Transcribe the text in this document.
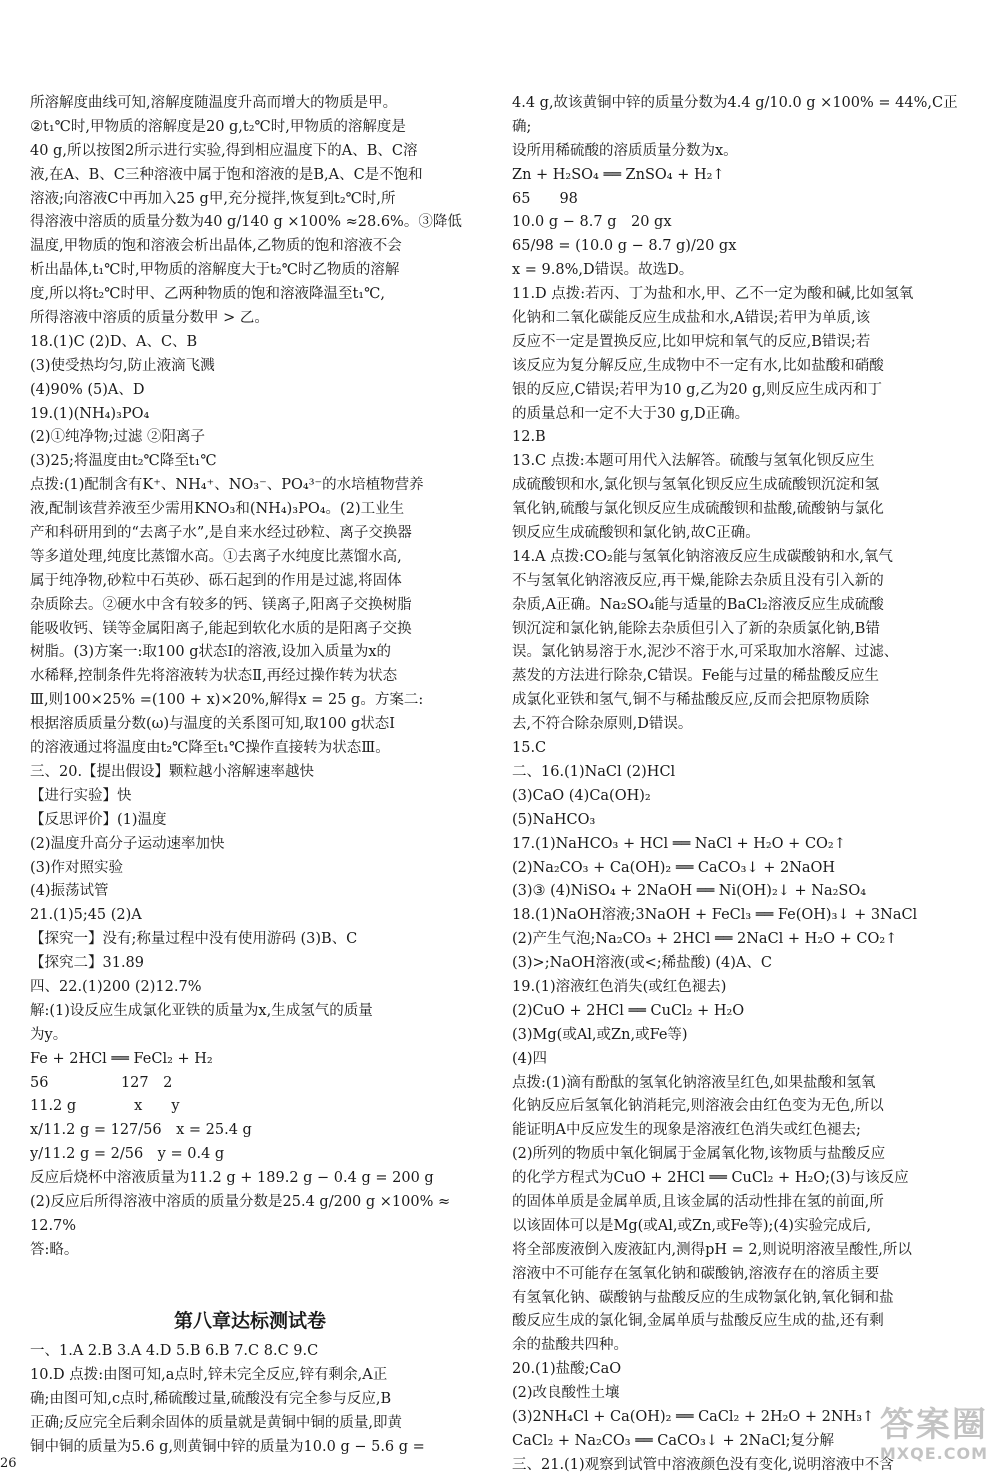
所溶解度曲线可知,溶解度随温度升高而增大的物质是甲。
②t₁℃时,甲物质的溶解度是20 g,t₂℃时,甲物质的溶解度是
40 g,所以按图2所示进行实验,得到相应温度下的A、B、C溶
液,在A、B、C三种溶液中属于饱和溶液的是B,A、C是不饱和
溶液;向溶液C中再加入25 g甲,充分搅拌,恢复到t₂℃时,所
得溶液中溶质的质量分数为40 g/140 g ×100% ≈28.6%。③降低
温度,甲物质的饱和溶液会析出晶体,乙物质的饱和溶液不会
析出晶体,t₁℃时,甲物质的溶解度大于t₂℃时乙物质的溶解
度,所以将t₂℃时甲、乙两种物质的饱和溶液降温至t₁℃,
所得溶液中溶质的质量分数甲 > 乙。
18.(1)C (2)D、A、C、B
(3)使受热均匀,防止液滴飞溅
(4)90% (5)A、D
19.(1)(NH₄)₃PO₄
(2)①纯净物;过滤 ②阳离子
(3)25;将温度由t₂℃降至t₁℃
点拨:(1)配制含有K⁺、NH₄⁺、NO₃⁻、PO₄³⁻的水培植物营养
液,配制该营养液至少需用KNO₃和(NH₄)₃PO₄。(2)工业生
产和科研用到的“去离子水”,是自来水经过砂粒、离子交换器
等多道处理,纯度比蒸馏水高。①去离子水纯度比蒸馏水高,
属于纯净物,砂粒中石英砂、砾石起到的作用是过滤,将固体
杂质除去。②硬水中含有较多的钙、镁离子,阳离子交换树脂
能吸收钙、镁等金属阳离子,能起到软化水质的是阳离子交换
树脂。(3)方案一:取100 g状态Ⅰ的溶液,设加入质量为x的
水稀释,控制条件先将溶液转为状态Ⅱ,再经过操作转为状态
Ⅲ,则100×25% =(100 + x)×20%,解得x = 25 g。方案二:
根据溶质质量分数(ω)与温度的关系图可知,取100 g状态Ⅰ
的溶液通过将温度由t₂℃降至t₁℃操作直接转为状态Ⅲ。
三、20.【提出假设】颗粒越小溶解速率越快
【进行实验】快
【反思评价】(1)温度
(2)温度升高分子运动速率加快
(3)作对照实验
(4)振荡试管
21.(1)5;45 (2)A
【探究一】没有;称量过程中没有使用游码 (3)B、C
【探究二】31.89
四、22.(1)200 (2)12.7%
解:(1)设反应生成氯化亚铁的质量为x,生成氢气的质量
为y。
Fe + 2HCl ══ FeCl₂ + H₂
56　　　　　127　2
11.2 g　　　　x　　y
x/11.2 g = 127/56　x = 25.4 g
y/11.2 g = 2/56　y = 0.4 g
反应后烧杯中溶液质量为11.2 g + 189.2 g − 0.4 g = 200 g
(2)反应后所得溶液中溶质的质量分数是25.4 g/200 g ×100% ≈
12.7%
答:略。
第八章达标测试卷
一、1.A 2.B 3.A 4.D 5.B 6.B 7.C 8.C 9.C
10.D 点拨:由图可知,a点时,锌未完全反应,锌有剩余,A正
确;由图可知,c点时,稀硫酸过量,硫酸没有完全参与反应,B
正确;反应完全后剩余固体的质量就是黄铜中铜的质量,即黄
铜中铜的质量为5.6 g,则黄铜中锌的质量为10.0 g − 5.6 g =
4.4 g,故该黄铜中锌的质量分数为4.4 g/10.0 g ×100% = 44%,C正
确;
设所用稀硫酸的溶质质量分数为x。
Zn + H₂SO₄ ══ ZnSO₄ + H₂↑
65　　98
10.0 g − 8.7 g　20 gx
65/98 = (10.0 g − 8.7 g)/20 gx
x = 9.8%,D错误。故选D。
11.D 点拨:若丙、丁为盐和水,甲、乙不一定为酸和碱,比如氢氧
化钠和二氧化碳能反应生成盐和水,A错误;若甲为单质,该
反应不一定是置换反应,比如甲烷和氧气的反应,B错误;若
该反应为复分解反应,生成物中不一定有水,比如盐酸和硝酸
银的反应,C错误;若甲为10 g,乙为20 g,则反应生成丙和丁
的质量总和一定不大于30 g,D正确。
12.B
13.C 点拨:本题可用代入法解答。硫酸与氢氧化钡反应生
成硫酸钡和水,氯化钡与氢氧化钡反应生成硫酸钡沉淀和氢
氧化钠,硫酸与氯化钡反应生成硫酸钡和盐酸,硫酸钠与氯化
钡反应生成硫酸钡和氯化钠,故C正确。
14.A 点拨:CO₂能与氢氧化钠溶液反应生成碳酸钠和水,氧气
不与氢氧化钠溶液反应,再干燥,能除去杂质且没有引入新的
杂质,A正确。Na₂SO₄能与适量的BaCl₂溶液反应生成硫酸
钡沉淀和氯化钠,能除去杂质但引入了新的杂质氯化钠,B错
误。氯化钠易溶于水,泥沙不溶于水,可采取加水溶解、过滤、
蒸发的方法进行除杂,C错误。Fe能与过量的稀盐酸反应生
成氯化亚铁和氢气,铜不与稀盐酸反应,反而会把原物质除
去,不符合除杂原则,D错误。
15.C
二、16.(1)NaCl (2)HCl
(3)CaO (4)Ca(OH)₂
(5)NaHCO₃
17.(1)NaHCO₃ + HCl ══ NaCl + H₂O + CO₂↑
(2)Na₂CO₃ + Ca(OH)₂ ══ CaCO₃↓ + 2NaOH
(3)③ (4)NiSO₄ + 2NaOH ══ Ni(OH)₂↓ + Na₂SO₄
18.(1)NaOH溶液;3NaOH + FeCl₃ ══ Fe(OH)₃↓ + 3NaCl
(2)产生气泡;Na₂CO₃ + 2HCl ══ 2NaCl + H₂O + CO₂↑
(3)>;NaOH溶液(或<;稀盐酸) (4)A、C
19.(1)溶液红色消失(或红色褪去)
(2)CuO + 2HCl ══ CuCl₂ + H₂O
(3)Mg(或Al,或Zn,或Fe等)
(4)四
点拨:(1)滴有酚酞的氢氧化钠溶液呈红色,如果盐酸和氢氧
化钠反应后氢氧化钠消耗完,则溶液会由红色变为无色,所以
能证明A中反应发生的现象是溶液红色消失或红色褪去;
(2)所列的物质中氧化铜属于金属氧化物,该物质与盐酸反应
的化学方程式为CuO + 2HCl ══ CuCl₂ + H₂O;(3)与该反应
的固体单质是金属单质,且该金属的活动性排在氢的前面,所
以该固体可以是Mg(或Al,或Zn,或Fe等);(4)实验完成后,
将全部废液倒入废液缸内,测得pH = 2,则说明溶液呈酸性,所以
溶液中不可能存在氢氧化钠和碳酸钠,溶液存在的溶质主要
有氢氧化钠、碳酸钠与盐酸反应的生成物氯化钠,氧化铜和盐
酸反应生成的氯化铜,金属单质与盐酸反应生成的盐,还有剩
余的盐酸共四种。
20.(1)盐酸;CaO
(2)改良酸性土壤
(3)2NH₄Cl + Ca(OH)₂ ══ CaCl₂ + 2H₂O + 2NH₃↑
CaCl₂ + Na₂CO₃ ══ CaCO₃↓ + 2NaCl;复分解
三、21.(1)观察到试管中溶液颜色没有变化,说明溶液中不含
答案圈
MXQE.COM
26
